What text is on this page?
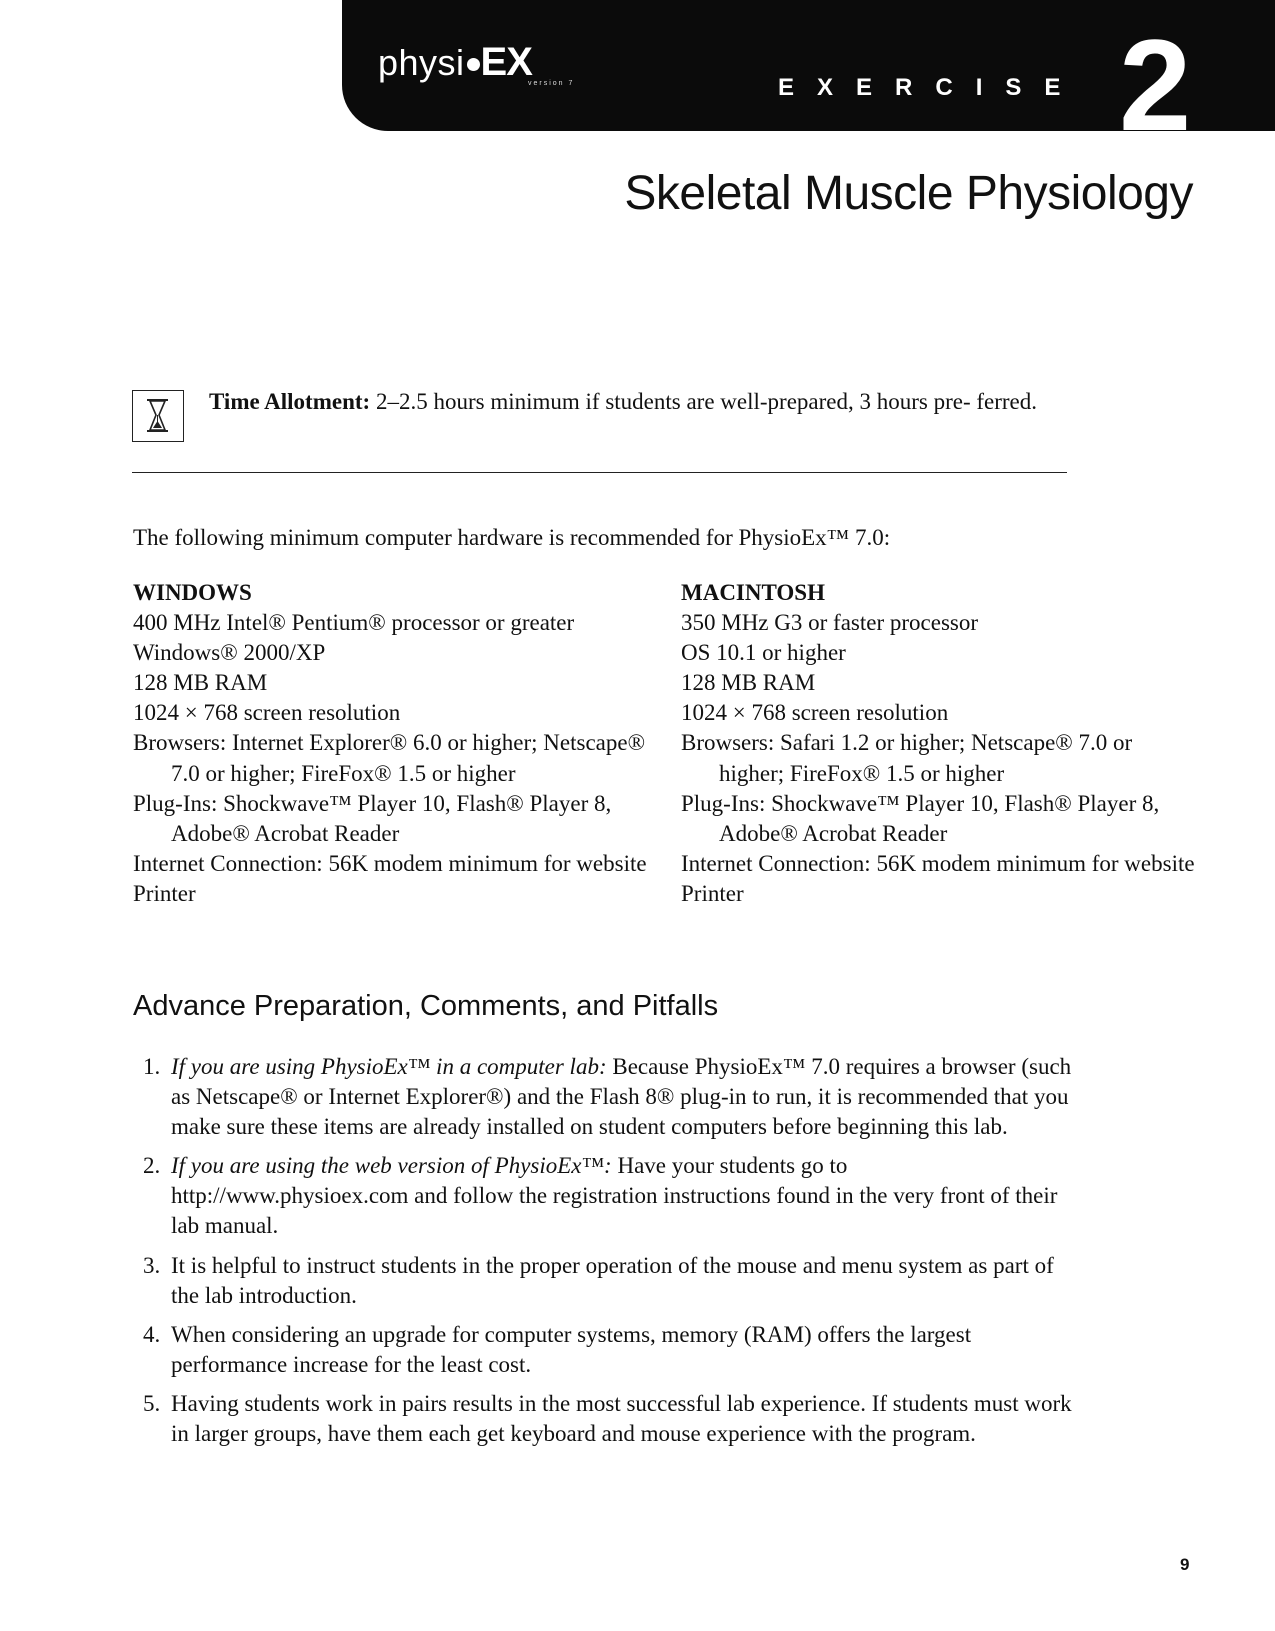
physi EX
version 7	EXERCISE 2
Skeletal Muscle Physiology
Time Allotment: 2–2.5 hours minimum if students are well-prepared, 3 hours pre- ferred.
The following minimum computer hardware is recommended for PhysioEx™ 7.0:
WINDOWS
400 MHz Intel® Pentium® processor or greater
Windows® 2000/XP
128 MB RAM
1024 × 768 screen resolution
Browsers: Internet Explorer® 6.0 or higher; Netscape® 7.0 or higher; FireFox® 1.5 or higher
Plug-Ins: Shockwave™ Player 10, Flash® Player 8, Adobe® Acrobat Reader
Internet Connection: 56K modem minimum for website
Printer
MACINTOSH
350 MHz G3 or faster processor
OS 10.1 or higher
128 MB RAM
1024 × 768 screen resolution
Browsers: Safari 1.2 or higher; Netscape® 7.0 or higher; FireFox® 1.5 or higher
Plug-Ins: Shockwave™ Player 10, Flash® Player 8, Adobe® Acrobat Reader
Internet Connection: 56K modem minimum for website
Printer
Advance Preparation, Comments, and Pitfalls
1. If you are using PhysioEx™ in a computer lab: Because PhysioEx™ 7.0 requires a browser (such as Netscape® or Internet Explorer®) and the Flash 8® plug-in to run, it is recommended that you make sure these items are already installed on student computers before beginning this lab.
2. If you are using the web version of PhysioEx™: Have your students go to http://www.physioex.com and follow the registration instructions found in the very front of their lab manual.
3. It is helpful to instruct students in the proper operation of the mouse and menu system as part of the lab introduction.
4. When considering an upgrade for computer systems, memory (RAM) offers the largest performance increase for the least cost.
5. Having students work in pairs results in the most successful lab experience. If students must work in larger groups, have them each get keyboard and mouse experience with the program.
9
